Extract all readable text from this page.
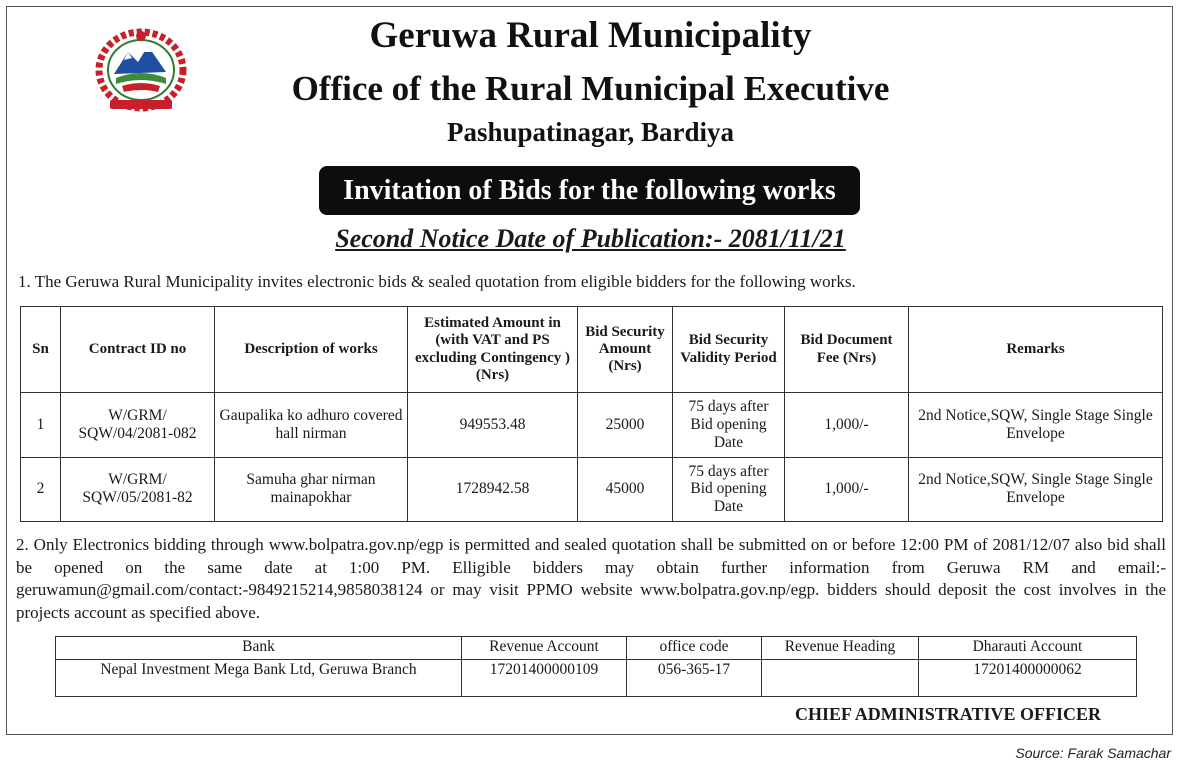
Geruwa Rural Municipality
Office of the Rural Municipal Executive
Pashupatinagar, Bardiya
Invitation of Bids for the following works
Second Notice Date of Publication:- 2081/11/21
1. The Geruwa Rural Municipality invites electronic bids & sealed quotation from eligible bidders for the following works.
Sn	Contract ID no	Description of works	Estimated Amount in (with VAT and PS excluding Contingency ) (Nrs)	Bid Security Amount (Nrs)	Bid Security Validity Period	Bid Document Fee (Nrs)	Remarks
1	W/GRM/ SQW/04/2081-082	Gaupalika ko adhuro covered hall nirman	949553.48	25000	75 days after Bid opening Date	1,000/-	2nd Notice,SQW, Single Stage Single Envelope
2	W/GRM/ SQW/05/2081-82	Samuha ghar nirman mainapokhar	1728942.58	45000	75 days after Bid opening Date	1,000/-	2nd Notice,SQW, Single Stage Single Envelope
2. Only Electronics bidding through www.bolpatra.gov.np/egp is permitted and sealed quotation shall be submitted on or before 12:00 PM of 2081/12/07 also bid shall be opened on the same date at 1:00 PM. Elligible bidders may obtain further information from Geruwa RM and email:- geruwamun@gmail.com/contact:-9849215214,9858038124 or may visit PPMO website www.bolpatra.gov.np/egp. bidders should deposit the cost involves in the projects account as specified above.
Bank	Revenue Account	office code	Revenue Heading	Dharauti Account
Nepal Investment Mega Bank Ltd, Geruwa Branch	17201400000109	056-365-17		17201400000062
CHIEF ADMINISTRATIVE OFFICER
Source: Farak Samachar
